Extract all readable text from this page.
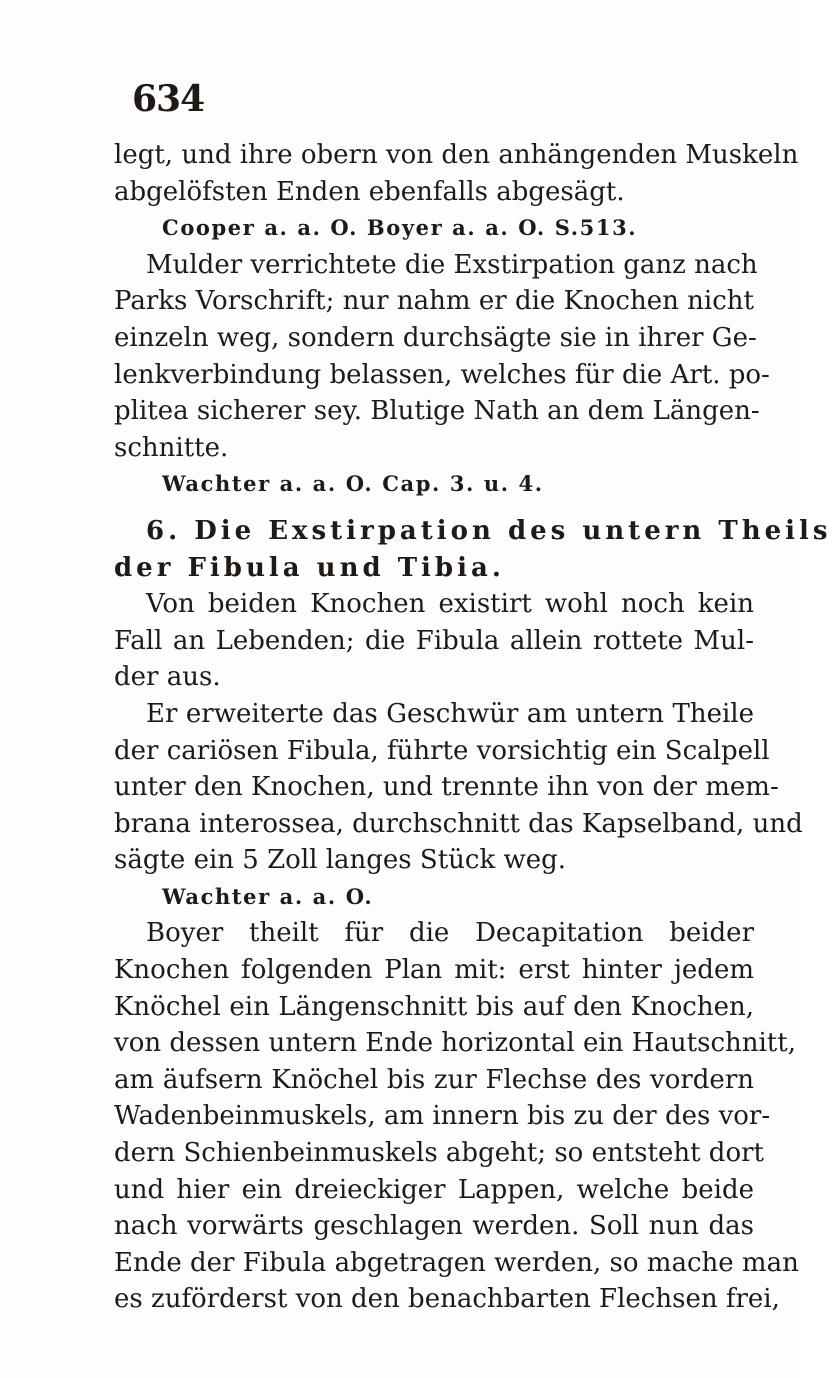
634
legt, und ihre obern von den anhängenden Muskeln
abgelöfsten Enden ebenfalls abgesägt.
Cooper a. a. O. Boyer a. a. O. S.513.
Mulder verrichtete die Exstirpation ganz nach
Parks Vorschrift; nur nahm er die Knochen nicht
einzeln weg, sondern durchsägte sie in ihrer Ge-
lenkverbindung belassen, welches für die Art. po-
plitea sicherer sey. Blutige Nath an dem Längen-
schnitte.
Wachter a. a. O. Cap. 3. u. 4.
6. Die Exstirpation des untern Theils
der Fibula und Tibia.
Von beiden Knochen existirt wohl noch kein
Fall an Lebenden; die Fibula allein rottete Mul-
der aus.
Er erweiterte das Geschwür am untern Theile
der cariösen Fibula, führte vorsichtig ein Scalpell
unter den Knochen, und trennte ihn von der mem-
brana interossea, durchschnitt das Kapselband, und
sägte ein 5 Zoll langes Stück weg.
Wachter a. a. O.
Boyer theilt für die Decapitation beider
Knochen folgenden Plan mit: erst hinter jedem
Knöchel ein Längenschnitt bis auf den Knochen,
von dessen untern Ende horizontal ein Hautschnitt,
am äufsern Knöchel bis zur Flechse des vordern
Wadenbeinmuskels, am innern bis zu der des vor-
dern Schienbeinmuskels abgeht; so entsteht dort
und hier ein dreieckiger Lappen, welche beide
nach vorwärts geschlagen werden. Soll nun das
Ende der Fibula abgetragen werden, so mache man
es zuförderst von den benachbarten Flechsen frei,
